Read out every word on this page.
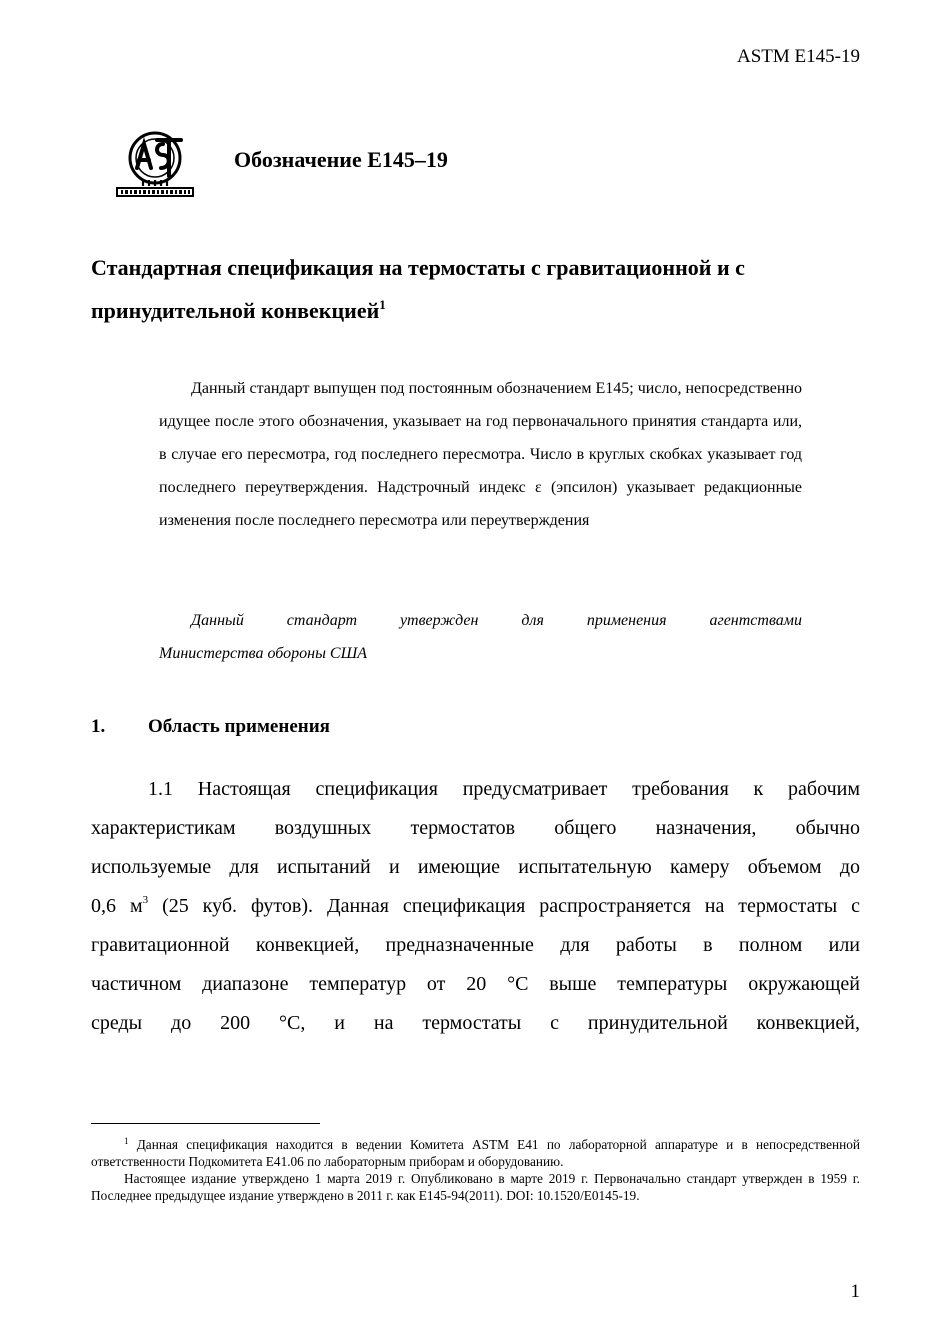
ASTM E145-19
Обозначение E145–19
Стандартная спецификация на термостаты с гравитационной и с принудительной конвекцией$^1$

Данный стандарт выпущен под постоянным обозначением E145; число, непосредственно идущее после этого обозначения, указывает на год первоначального принятия стандарта или, в случае его пересмотра, год последнего пересмотра. Число в круглых скобках указывает год последнего переутверждения. Надстрочный индекс ε (эпсилон) указывает редакционные изменения после последнего пересмотра или переутверждения

Данный стандарт утвержден для применения агентствами
Министерства обороны США
1. Область применения
1.1 Настоящая спецификация предусматривает требования к рабочим
характеристикам воздушных термостатов общего назначения, обычно
используемые для испытаний и имеющие испытательную камеру объемом до
0,6 $м^3$ (25 куб. футов). Данная спецификация распространяется на термостаты с
гравитационной конвекцией, предназначенные для работы в полном или
частичном диапазоне температур от 20 °C выше температуры окружающей
среды до 200 °C, и на термостаты с принудительной конвекцией,

$^1$ Данная спецификация находится в ведении Комитета ASTM E41 по лабораторной аппаратуре и в непосредственной ответственности Подкомитета E41.06 по лабораторным приборам и оборудованию.

Настоящее издание утверждено 1 марта 2019 г. Опубликовано в марте 2019 г. Первоначально стандарт утвержден в 1959 г. Последнее предыдущее издание утверждено в 2011 г. как E145-94(2011). DOI: 10.1520/E0145-19.

1
